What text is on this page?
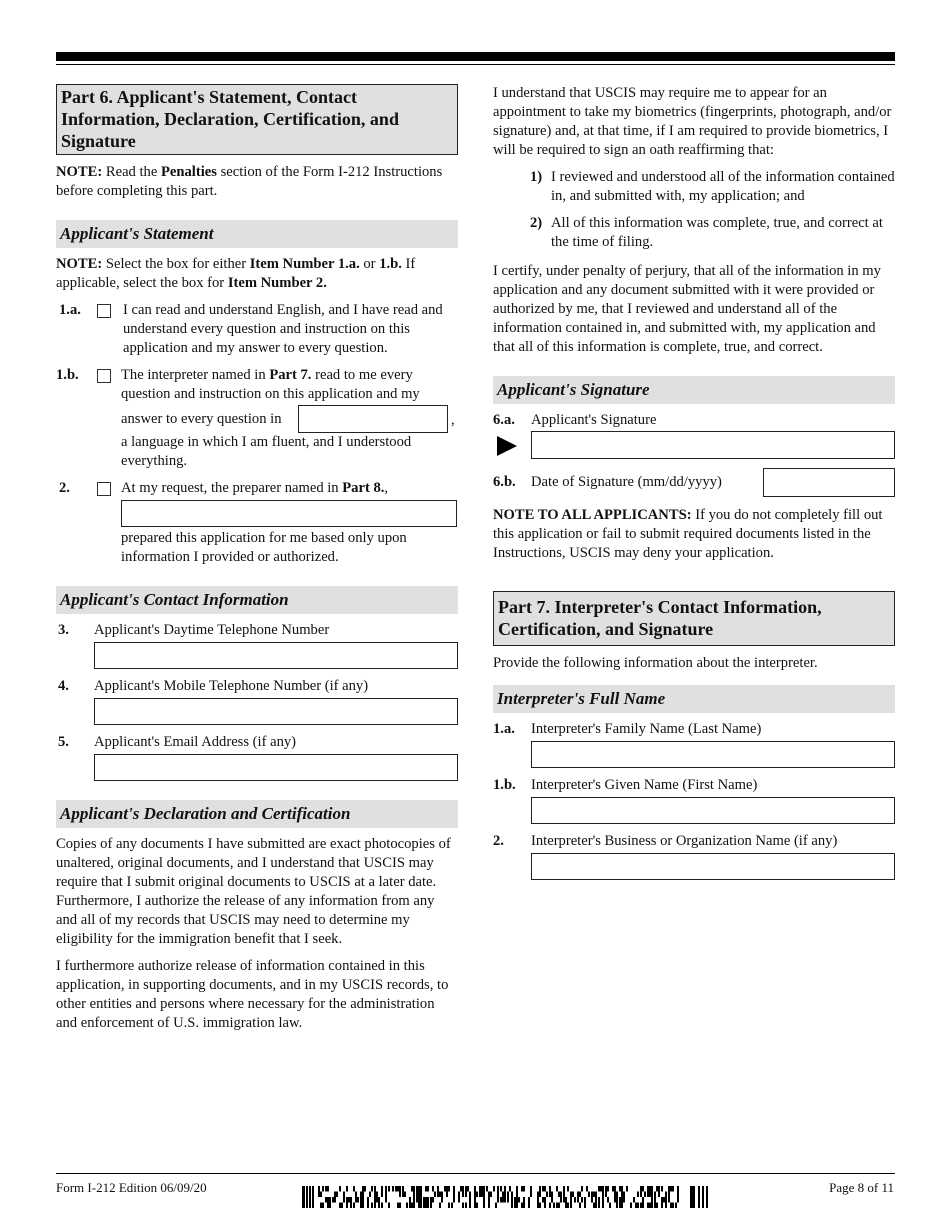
Part 6. Applicant's Statement, Contact Information, Declaration, Certification, and Signature

NOTE: Read the Penalties section of the Form I-212 Instructions before completing this part.

Applicant's Statement

NOTE: Select the box for either Item Number 1.a. or 1.b. If applicable, select the box for Item Number 2.

1.a.	I can read and understand English, and I have read and understand every question and instruction on this application and my answer to every question.
1.b.	The interpreter named in Part 7. read to me every question and instruction on this application and my
answer to every question in	,
a language in which I am fluent, and I understood everything.
2.	At my request, the preparer named in Part 8.,

prepared this application for me based only upon information I provided or authorized.

Applicant's Contact Information
3. Applicant's Daytime Telephone Number
4. Applicant's Mobile Telephone Number (if any)
5. Applicant's Email Address (if any)
Applicant's Declaration and Certification

Copies of any documents I have submitted are exact photocopies of unaltered, original documents, and I understand that USCIS may require that I submit original documents to USCIS at a later date. Furthermore, I authorize the release of any information from any and all of my records that USCIS may need to determine my eligibility for the immigration benefit that I seek.

I furthermore authorize release of information contained in this application, in supporting documents, and in my USCIS records, to other entities and persons where necessary for the administration and enforcement of U.S. immigration law.

I understand that USCIS may require me to appear for an appointment to take my biometrics (fingerprints, photograph, and/or signature) and, at that time, if I am required to provide biometrics, I will be required to sign an oath reaffirming that:

1) I reviewed and understood all of the information contained in, and submitted with, my application; and
2) All of this information was complete, true, and correct at the time of filing.

I certify, under penalty of perjury, that all of the information in my application and any document submitted with it were provided or authorized by me, that I reviewed and understand all of the information contained in, and submitted with, my application and that all of this information is complete, true, and correct.

Applicant's Signature
6.a. Applicant's Signature
6.b. Date of Signature (mm/dd/yyyy)

NOTE TO ALL APPLICANTS: If you do not completely fill out this application or fail to submit required documents listed in the Instructions, USCIS may deny your application.

Part 7. Interpreter's Contact Information, Certification, and Signature

Provide the following information about the interpreter.

Interpreter's Full Name
1.a. Interpreter's Family Name (Last Name)
1.b. Interpreter's Given Name (First Name)
2. Interpreter's Business or Organization Name (if any)
Form I-212 Edition 06/09/20	Page 8 of 11
